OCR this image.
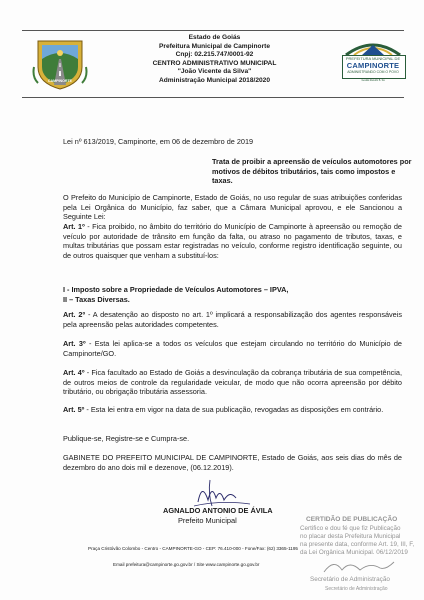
CAMPINORTE
Estado de Goiás
Prefeitura Municipal de Campinorte
Cnpj: 02.215.747/0001-92
CENTRO ADMINISTRATIVO MUNICIPAL
"João Vicente da Silva"
Administração Municipal 2018/2020
PREFEITURA MUNICIPAL DE
CAMPINORTE
ADMINISTRANDO COM O POVO
Gestão Ranulfo B. Sá
Lei nº 613/2019, Campinorte, em 06 de dezembro de 2019
Trata de proibir a apreensão de veículos automotores por motivos de débitos tributários, tais como impostos e taxas.
O Prefeito do Município de Campinorte, Estado de Goiás, no uso regular de suas atribuições conferidas pela Lei Orgânica do Município, faz saber, que a Câmara Municipal aprovou, e ele Sancionou a Seguinte Lei:
Art. 1º - Fica proibido, no âmbito do território do Município de Campinorte à apreensão ou remoção de veículo por autoridade de trânsito em função da falta, ou atraso no pagamento de tributos, taxas, e multas tributárias que possam estar registradas no veículo, conforme registro identificação seguinte, ou de outros quaisquer que venham a substituí-los:
I - Imposto sobre a Propriedade de Veículos Automotores – IPVA,
II – Taxas Diversas.
Art. 2º - A desatenção ao disposto no art. 1º implicará a responsabilização dos agentes responsáveis pela apreensão pelas autoridades competentes.
Art. 3º - Esta lei aplica-se a todos os veículos que estejam circulando no território do Município de Campinorte/GO.
Art. 4º - Fica facultado ao Estado de Goiás a desvinculação da cobrança tributária de sua competência, de outros meios de controle da regularidade veicular, de modo que não ocorra apreensão por débito tributário, ou obrigação tributária assessoria.
Art. 5º - Esta lei entra em vigor na data de sua publicação, revogadas as disposições em contrário.
Publique-se, Registre-se e Cumpra-se.
GABINETE DO PREFEITO MUNICIPAL DE CAMPINORTE, Estado de Goiás, aos seis dias do mês de dezembro do ano dois mil e dezenove, (06.12.2019).
AGNALDO ANTONIO DE ÁVILA
Prefeito Municipal	CERTIDÃO DE PUBLICAÇÃO
Certifico e dou fé que fiz Publicação
no placar desta Prefeitura Municipal
na presente data, conforme Art. 19, III, F,
da Lei Orgânica Municipal. 06/12/2019
Secretário de Administração
Secretário de Administração
Praça Cristóvão Colombo - Centro - CAMPINORTE-GO - CEP: 76.410-000 - Fone/Fax: (62) 3365-1195
Email prefeitura@campinorte.go.gov.br / Site www.campinorte.go.gov.br
